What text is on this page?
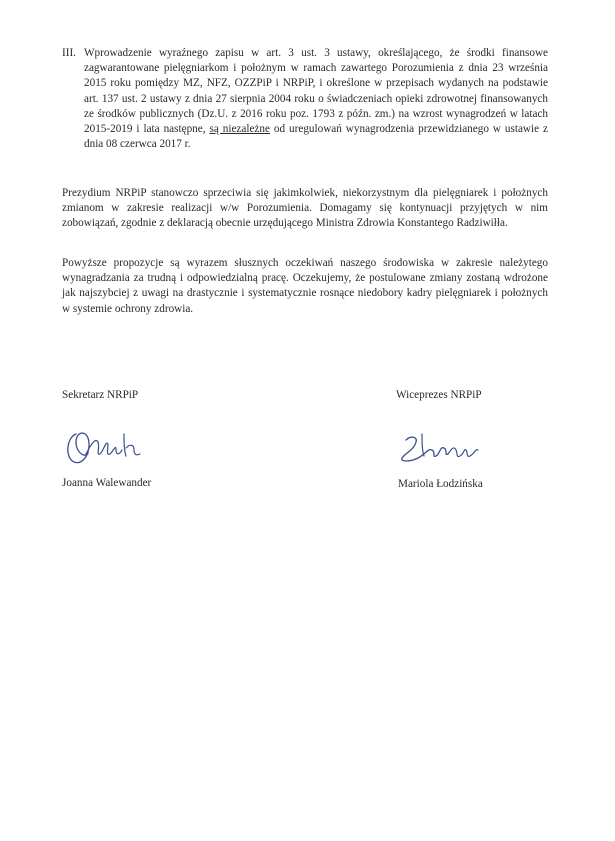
III. Wprowadzenie wyraźnego zapisu w art. 3 ust. 3 ustawy, określającego, że środki finansowe zagwarantowane pielęgniarkom i położnym w ramach zawartego Porozumienia z dnia 23 września 2015 roku pomiędzy MZ, NFZ, OZZPiP i NRPiP, i określone w przepisach wydanych na podstawie art. 137 ust. 2 ustawy z dnia 27 sierpnia 2004 roku o świadczeniach opieki zdrowotnej finansowanych ze środków publicznych (Dz.U. z 2016 roku poz. 1793 z późn. zm.) na wzrost wynagrodzeń w latach 2015-2019 i lata następne, są niezależne od uregulowań wynagrodzenia przewidzianego w ustawie z dnia 08 czerwca 2017 r.

Prezydium NRPiP stanowczo sprzeciwia się jakimkolwiek, niekorzystnym dla pielęgniarek i położnych zmianom w zakresie realizacji w/w Porozumienia. Domagamy się kontynuacji przyjętych w nim zobowiązań, zgodnie z deklaracją obecnie urzędującego Ministra Zdrowia Konstantego Radziwiłła.

Powyższe propozycje są wyrazem słusznych oczekiwań naszego środowiska w zakresie należytego wynagradzania za trudną i odpowiedzialną pracę. Oczekujemy, że postulowane zmiany zostaną wdrożone jak najszybciej z uwagi na drastycznie i systematycznie rosnące niedobory kadry pielęgniarek i położnych w systemie ochrony zdrowia.

Sekretarz NRPiP	Wiceprezes NRPiP
Joanna Walewander	Mariola Łodzińska
